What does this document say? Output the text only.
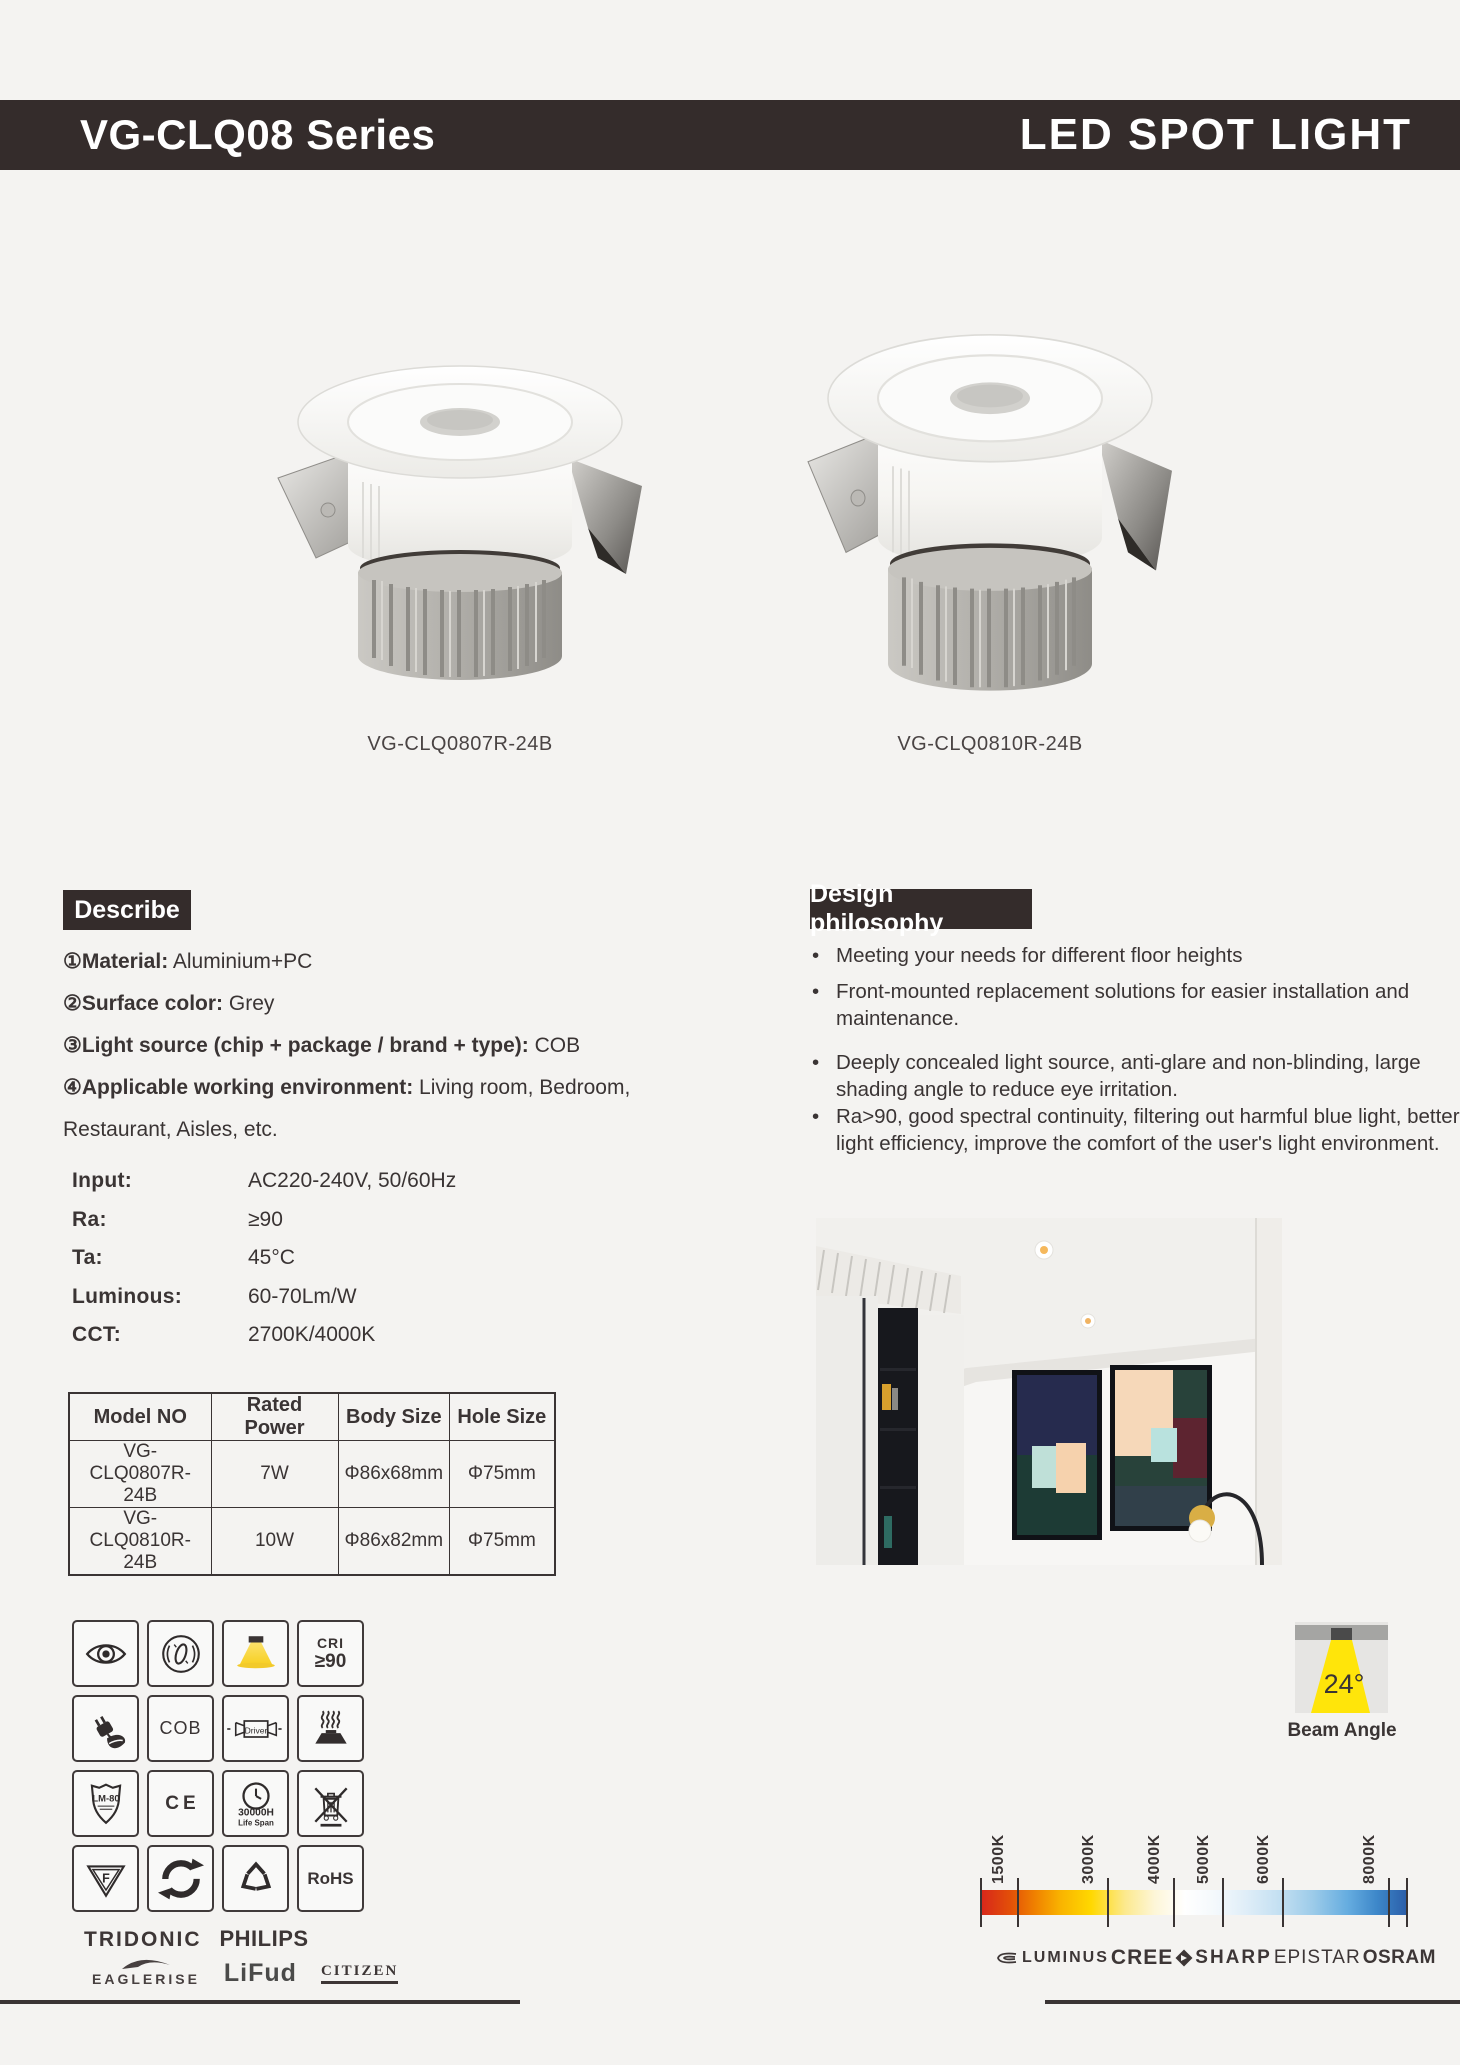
VG-CLQ08 Series	LED SPOT LIGHT
VG-CLQ0807R-24B	VG-CLQ0810R-24B
Describe

①Material: Aluminium+PC

②Surface color: Grey

③Light source (chip + package / brand + type): COB

④Applicable working environment: Living room, Bedroom, Restaurant, Aisles, etc.

Input:	AC220-240V, 50/60Hz
Ra:	≥90
Ta:	45°C
Luminous:	60-70Lm/W
CCT:	2700K/4000K
Model NO	Rated Power	Body Size	Hole Size
VG-CLQ0807R-24B	7W	Φ86x68mm	Φ75mm
VG-CLQ0810R-24B	10W	Φ86x82mm	Φ75mm
Design philosophy
• Meeting your needs for different floor heights
• Front-mounted replacement solutions for easier installation and maintenance.
• Deeply concealed light source, anti-glare and non-blinding, large shading angle to reduce eye irritation.
• Ra>90, good spectral continuity, filtering out harmful blue light, better light efficiency, improve the comfort of the user's light environment.
CRI
≥90
COB	Driver
LM-80 CE	30000H
Life Span
F	RoHS
TRIDONIC PHILIPS
EAGLERISE LiFud CITIZEN
24°
Beam Angle
1500K	3000K	4000K 5000K	6000K	8000K
LUMINUS CREE SHARP EPISTAR OSRAM
